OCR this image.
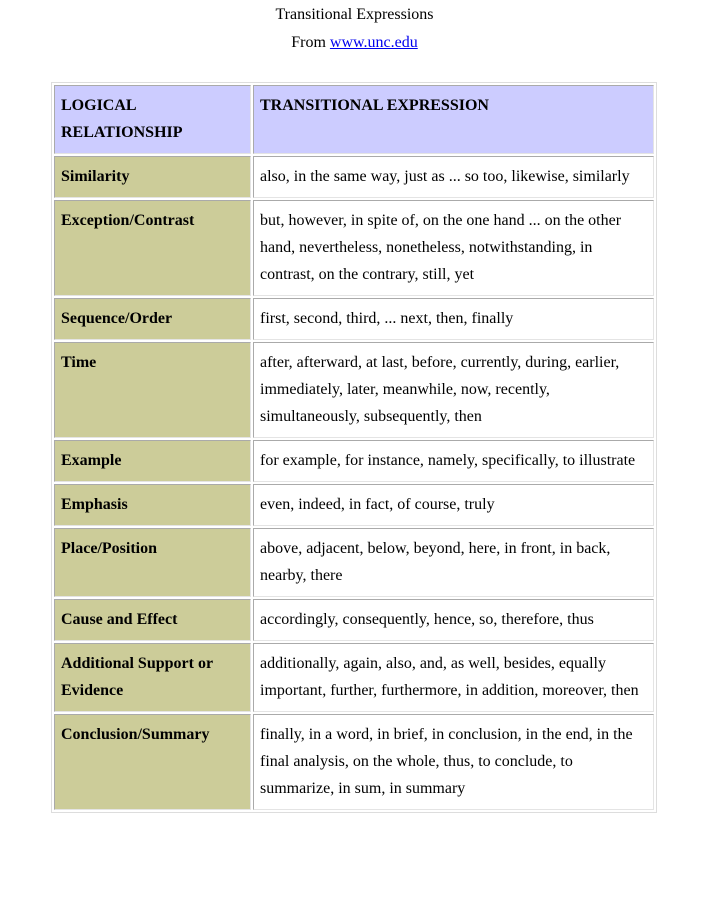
Transitional Expressions
From www.unc.edu
LOGICAL RELATIONSHIP	TRANSITIONAL EXPRESSION
Similarity	also, in the same way, just as ... so too, likewise, similarly
Exception/Contrast	but, however, in spite of, on the one hand ... on the other hand, nevertheless, nonetheless, notwithstanding, in contrast, on the contrary, still, yet
Sequence/Order	first, second, third, ... next, then, finally
Time	after, afterward, at last, before, currently, during, earlier, immediately, later, meanwhile, now, recently, simultaneously, subsequently, then
Example	for example, for instance, namely, specifically, to illustrate
Emphasis	even, indeed, in fact, of course, truly
Place/Position	above, adjacent, below, beyond, here, in front, in back, nearby, there
Cause and Effect	accordingly, consequently, hence, so, therefore, thus
Additional Support or Evidence	additionally, again, also, and, as well, besides, equally important, further, furthermore, in addition, moreover, then
Conclusion/Summary	finally, in a word, in brief, in conclusion, in the end, in the final analysis, on the whole, thus, to conclude, to summarize, in sum, in summary
